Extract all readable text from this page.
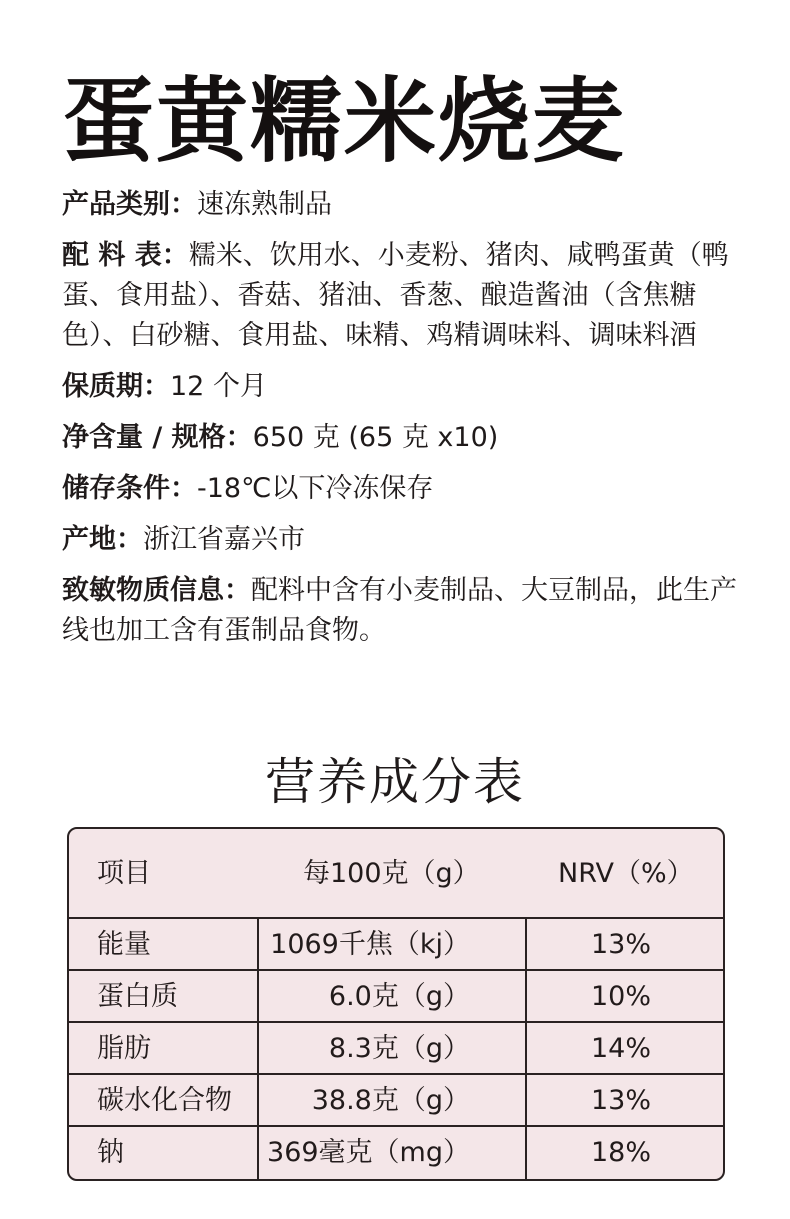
蛋黄糯米烧麦
产品类别：速冻熟制品
配 料 表：糯米、饮用水、小麦粉、猪肉、咸鸭蛋黄（鸭蛋、食用盐）、香菇、猪油、香葱、酿造酱油（含焦糖色）、白砂糖、食用盐、味精、鸡精调味料、调味料酒
保质期：12 个月
净含量 / 规格：650 克 (65 克 x10)
储存条件：-18℃以下冷冻保存
产地：浙江省嘉兴市
致敏物质信息：配料中含有小麦制品、大豆制品，此生产线也加工含有蛋制品食物。
营养成分表
项目	每100克（g）	NRV（%）
能量	1069千焦（kj）	13%
蛋白质	6.0克（g）	10%
脂肪	8.3克（g）	14%
碳水化合物	38.8克（g）	13%
钠	369毫克（mg）	18%
